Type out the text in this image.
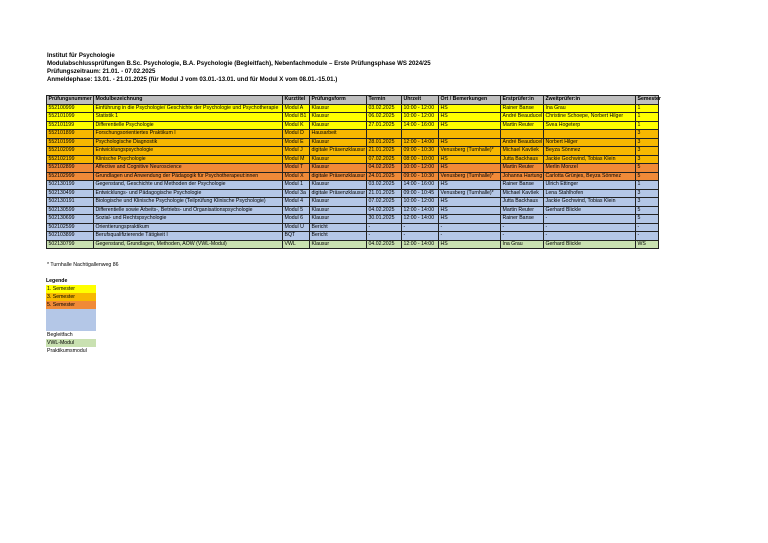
Institut für Psychologie
Modulabschlussprüfungen B.Sc. Psychologie, B.A. Psychologie (Begleitfach), Nebenfachmodule – Erste Prüfungsphase WS 2024/25
Prüfungszeitraum: 21.01. - 07.02.2025
Anmeldephase: 13.01. - 21.01.2025 (für Modul J vom 03.01.-13.01. und für Modul X vom 08.01.-15.01.)
Prüfungsnummer	Modulbezeichnung	Kurztitel	Prüfungsform	Termin	Uhrzeit	Ort / Bemerkungen	Erstprüfer:in	Zweitprüfer:in	Semester
552100999	Einführung in die Psychologie/ Geschichte der Psychologie und Psychotherapie	Modul A	Klausur	03.02.2025	10:00 - 12:00	HS	Rainer Banse	Ina Grau	1
552101099	Statistik 1	Modul B1	Klausur	06.02.2025	10:00 - 12:00	HS	André Beauducel	Christine Schoepe, Norbert Hilger	1
552101199	Differentielle Psychologie	Modul K	Klausur	27.01.2025	14:00 - 16:00	HS	Martin Reuter	Svea Hogeterp	1
552101899	Forschungsorientiertes Praktikum I	Modul D	Hausarbeit						3
552101999	Psychologische Diagnostik	Modul E	Klausur	28.01.2025	12:00 - 14:00	HS	André Beauducel	Norbert Hilger	3
552102099	Entwicklungspsychologie	Modul J	digitale Präsenzklausur	21.01.2025	09:00 - 10:30	Venusberg (Turnhalle)*	Michael Kavšek	Beyza Sönmez	3
552102199	Klinische Psychologie	Modul M	Klausur	07.02.2025	08:00 - 10:00	HS	Jutta Backhaus	Jackie Gochwind, Tobias Klein	3
552102899	Affective and Cognitive Neuroscience	Modul T	Klausur	04.02.2025	10:00 - 12:00	HS	Martin Reuter	Merlin Monzel	5
552102999	Grundlagen und Anwendung der Pädagogik für Psychotherapeut:innen	Modul X	digitale Präsenzklausur	24.01.2025	09:00 - 10:30	Venusberg (Turnhalle)*	Johanna Hartung	Carlotta Grünjes, Beyza Sönmez	5
502130199	Gegenstand, Geschichte und Methoden der Psychologie	Modul 1	Klausur	03.02.2025	14:00 - 16:00	HS	Rainer Banse	Ulrich Ettinger	1
502130499	Entwicklungs- und Pädagogische Psychologie	Modul 3a	digitale Präsenzklausur	21.01.2025	09:00 - 10:45	Venusberg (Turnhalle)*	Michael Kavšek	Lena Stahlhofen	3
502130191	Biologische und Klinische Psychologie (Teilprüfung Klinische Psychologie)	Modul 4	Klausur	07.02.2025	10:00 - 12:00	HS	Jutta Backhaus	Jackie Gochwind, Tobias Klein	3
502130599	Differentielle sowie Arbeits-, Betriebs- und Organisationspsychologie	Modul 5	Klausur	04.02.2025	12:00 - 14:00	HS	Martin Reuter	Gerhard Blickle	5
502130699	Sozial- und Rechtspsychologie	Modul 6	Klausur	30.01.2025	12:00 - 14:00	HS	Rainer Banse	-	5
502102599	Orientierungspraktikum	Modul U	Bericht	-	-	-	-	-	-
502103899	Berufsqualifizierende Tätigkeit I	BQT	Bericht	-	-	-	-	-	-
502130799	Gegenstand, Grundlagen, Methoden, AOW (VWL-Modul)	VWL	Klausur	04.02.2025	12:00 - 14:00	HS	Ina Grau	Gerhard Blickle	WS
* Turnhalle Nachtigallenweg 86
Legende
1. Semester
3. Semester
5. Semester
Begleitfach
VWL-Modul
Praktikumsmodul
